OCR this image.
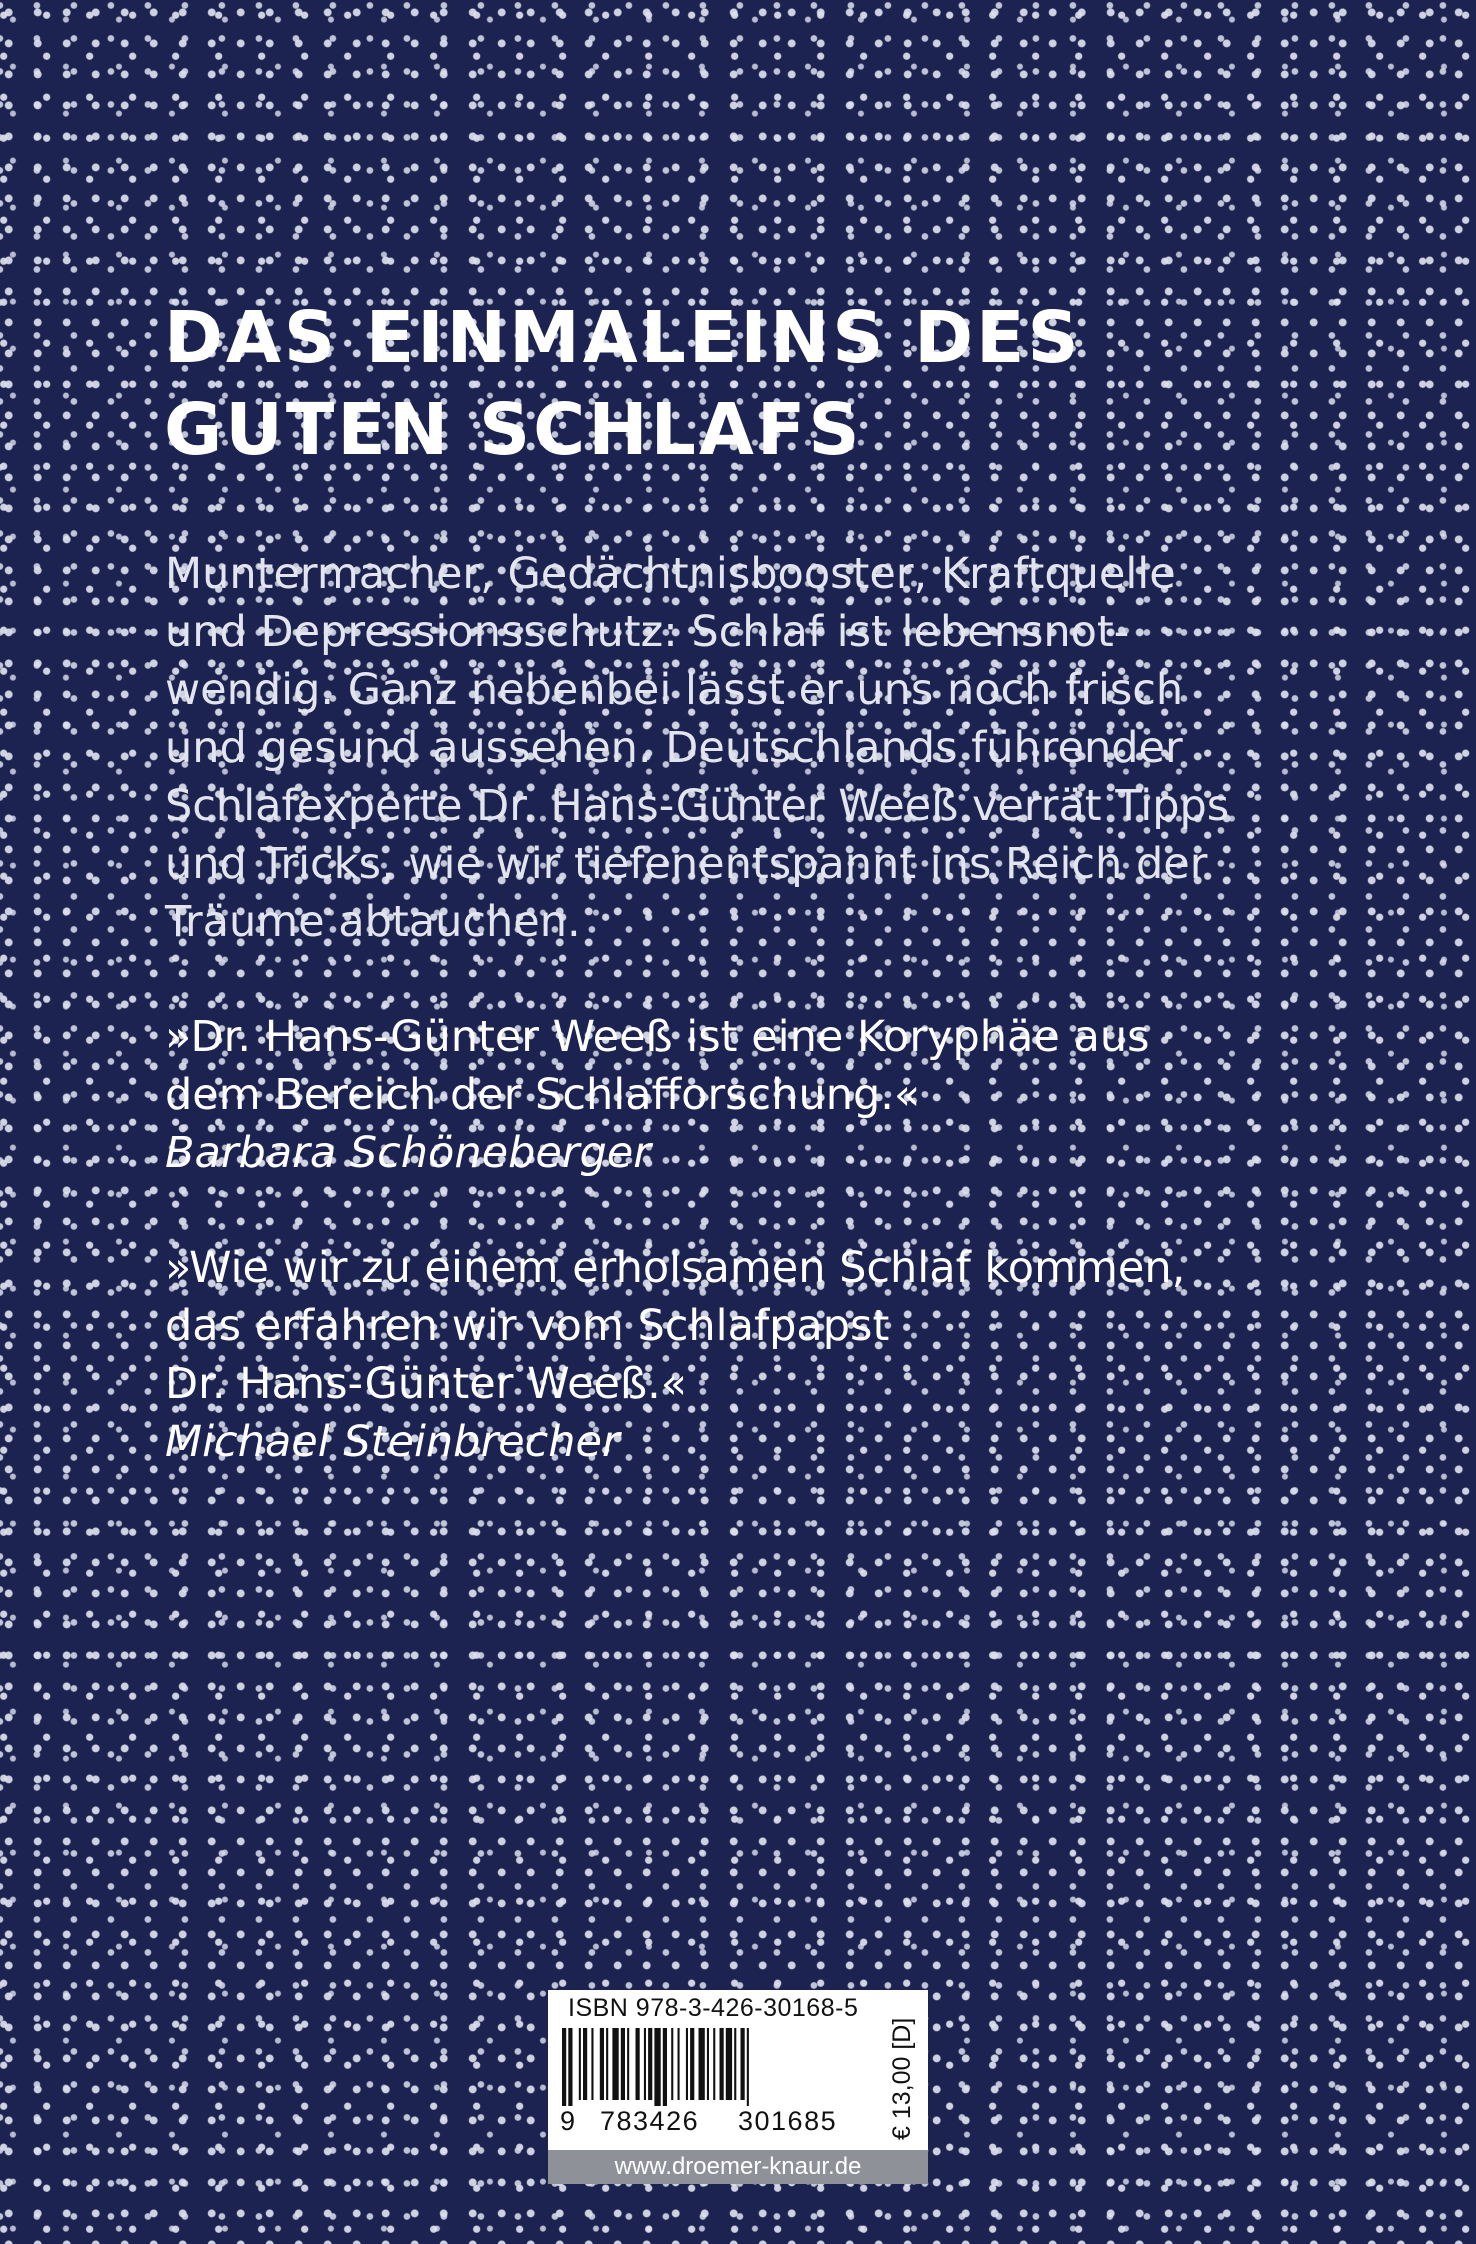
DAS EINMALEINS DES
GUTEN SCHLAFS

Muntermacher, Gedächtnisbooster, Kraftquelle
und Depressionsschutz: Schlaf ist lebensnot-
wendig. Ganz nebenbei lässt er uns noch frisch
und gesund aussehen. Deutschlands führender
Schlafexperte Dr. Hans-Günter Weeß verrät Tipps
und Tricks, wie wir tiefenentspannt ins Reich der
Träume abtauchen.

»Dr. Hans-Günter Weeß ist eine Koryphäe aus
dem Bereich der Schlafforschung.«
Barbara Schöneberger
»Wie wir zu einem erholsamen Schlaf kommen,
das erfahren wir vom Schlafpapst
Dr. Hans-Günter Weeß.«
Michael Steinbrecher
ISBN 978-3-426-30168-5
9 783426 301685 € 13,00 [D]
www.droemer-knaur.de
